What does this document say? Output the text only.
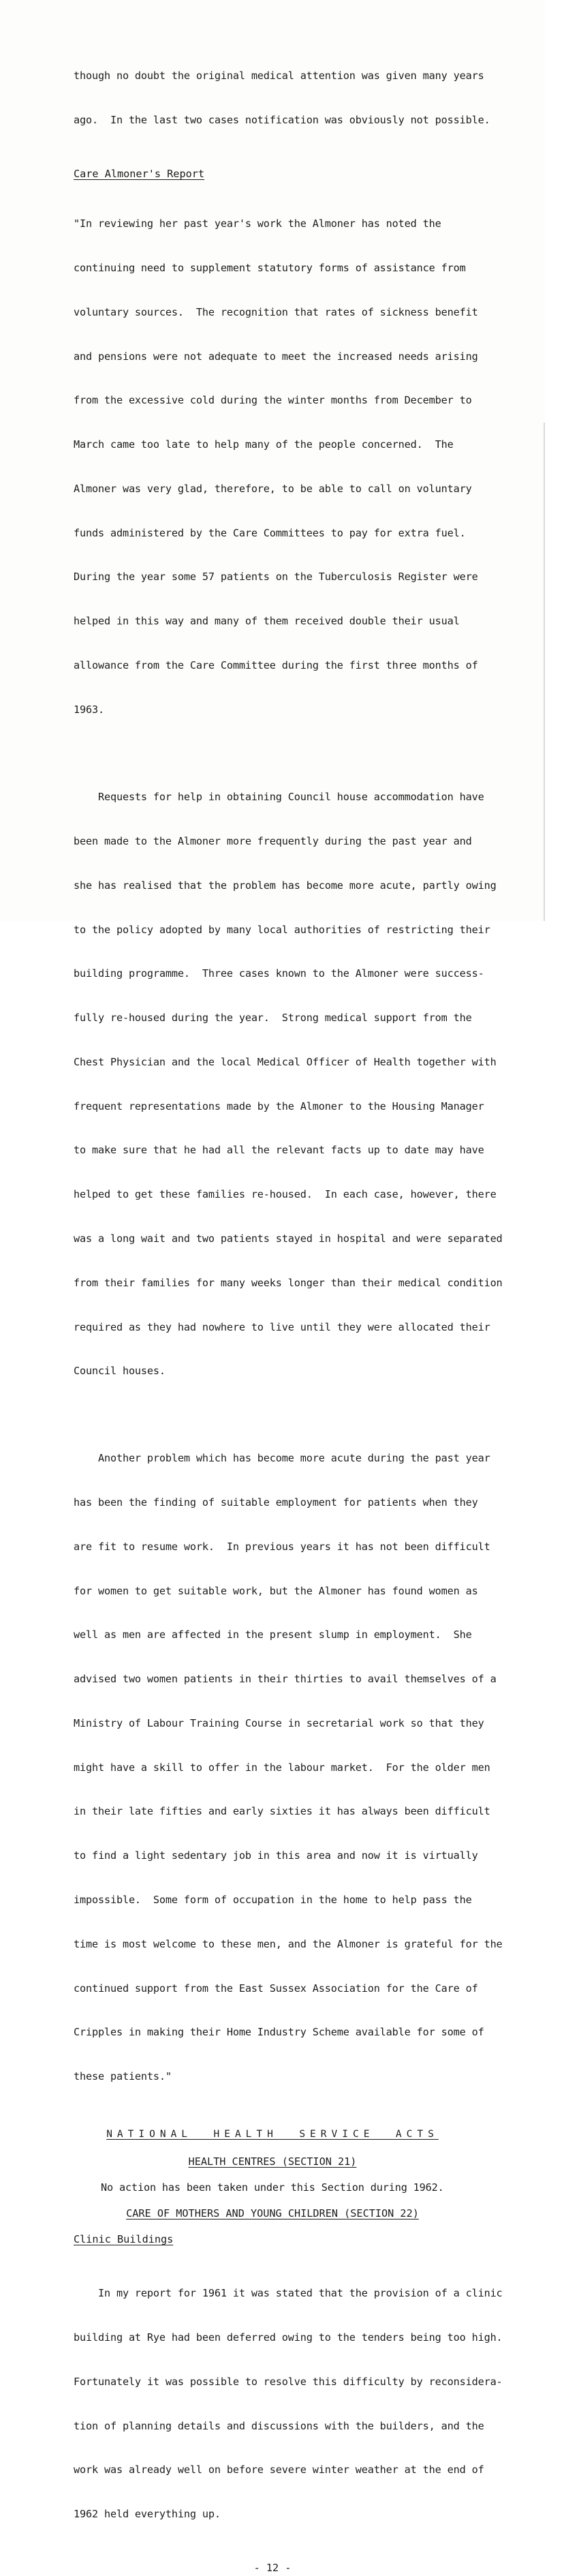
though no doubt the original medical attention was given many years

ago.  In the last two cases notification was obviously not possible.

Care Almoner's Report

"In reviewing her past year's work the Almoner has noted the

continuing need to supplement statutory forms of assistance from

voluntary sources.  The recognition that rates of sickness benefit

and pensions were not adequate to meet the increased needs arising

from the excessive cold during the winter months from December to

March came too late to help many of the people concerned.  The

Almoner was very glad, therefore, to be able to call on voluntary

funds administered by the Care Committees to pay for extra fuel.

During the year some 57 patients on the Tuberculosis Register were

helped in this way and many of them received double their usual

allowance from the Care Committee during the first three months of

1963.

Requests for help in obtaining Council house accommodation have

been made to the Almoner more frequently during the past year and

she has realised that the problem has become more acute, partly owing

to the policy adopted by many local authorities of restricting their

building programme.  Three cases known to the Almoner were success-

fully re-housed during the year.  Strong medical support from the

Chest Physician and the local Medical Officer of Health together with

frequent representations made by the Almoner to the Housing Manager

to make sure that he had all the relevant facts up to date may have

helped to get these families re-housed.  In each case, however, there

was a long wait and two patients stayed in hospital and were separated

from their families for many weeks longer than their medical condition

required as they had nowhere to live until they were allocated their

Council houses.

Another problem which has become more acute during the past year

has been the finding of suitable employment for patients when they

are fit to resume work.  In previous years it has not been difficult

for women to get suitable work, but the Almoner has found women as

well as men are affected in the present slump in employment.  She

advised two women patients in their thirties to avail themselves of a

Ministry of Labour Training Course in secretarial work so that they

might have a skill to offer in the labour market.  For the older men

in their late fifties and early sixties it has always been difficult

to find a light sedentary job in this area and now it is virtually

impossible.  Some form of occupation in the home to help pass the

time is most welcome to these men, and the Almoner is grateful for the

continued support from the East Sussex Association for the Care of

Cripples in making their Home Industry Scheme available for some of

these patients."

NATIONAL  HEALTH  SERVICE  ACTS
HEALTH CENTRES (SECTION 21)
No action has been taken under this Section during 1962.
CARE OF MOTHERS AND YOUNG CHILDREN (SECTION 22)
Clinic Buildings

In my report for 1961 it was stated that the provision of a clinic

building at Rye had been deferred owing to the tenders being too high.

Fortunately it was possible to resolve this difficulty by reconsidera-

tion of planning details and discussions with the builders, and the

work was already well on before severe winter weather at the end of

1962 held everything up.

- 12 -
